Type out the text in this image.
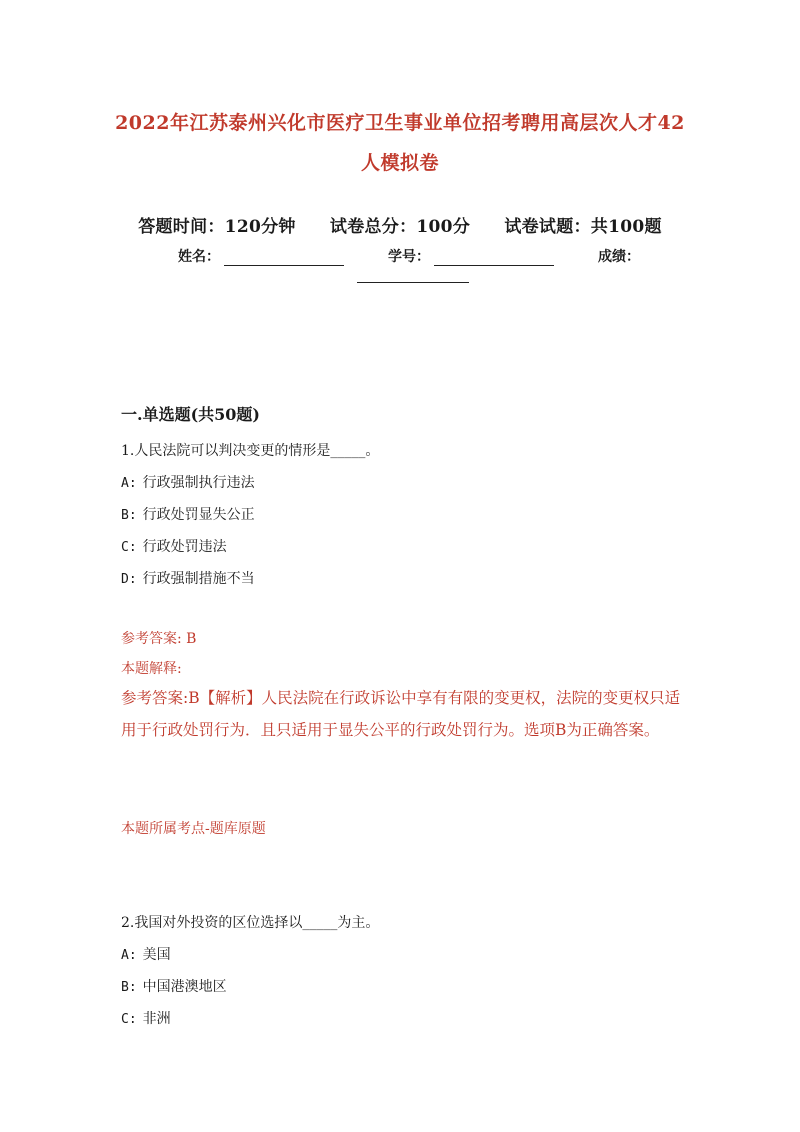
2022年江苏泰州兴化市医疗卫生事业单位招考聘用高层次人才42
人模拟卷
答题时间：120分钟 试卷总分：100分 试卷试题：共100题
姓名：	学号：	成绩：
一.单选题(共50题)
1.人民法院可以判决变更的情形是_____。
A: 行政强制执行违法
B: 行政处罚显失公正
C: 行政处罚违法
D: 行政强制措施不当
参考答案: B
本题解释:
参考答案:B【解析】人民法院在行政诉讼中享有有限的变更权，法院的变更权只适用于行政处罚行为．且只适用于显失公平的行政处罚行为。选项B为正确答案。
本题所属考点-题库原题
2.我国对外投资的区位选择以_____为主。
A: 美国
B: 中国港澳地区
C: 非洲
